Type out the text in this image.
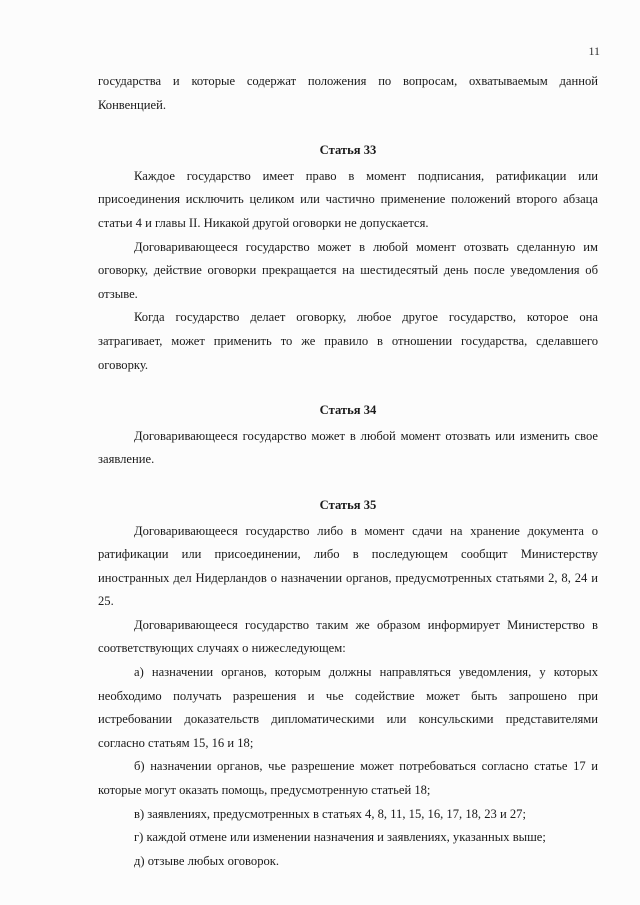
11

государства и которые содержат положения по вопросам, охватываемым данной Конвенцией.

Статья 33

Каждое государство имеет право в момент подписания, ратификации или присоединения исключить целиком или частично применение положений второго абзаца статьи 4 и главы II. Никакой другой оговорки не допускается.

Договаривающееся государство может в любой момент отозвать сделанную им оговорку, действие оговорки прекращается на шестидесятый день после уведомления об отзыве.

Когда государство делает оговорку, любое другое государство, которое она затрагивает, может применить то же правило в отношении государства, сделавшего оговорку.

Статья 34

Договаривающееся государство может в любой момент отозвать или изменить свое заявление.

Статья 35

Договаривающееся государство либо в момент сдачи на хранение документа о ратификации или присоединении, либо в последующем сообщит Министерству иностранных дел Нидерландов о назначении органов, предусмотренных статьями 2, 8, 24 и 25.

Договаривающееся государство таким же образом информирует Министерство в соответствующих случаях о нижеследующем:

а) назначении органов, которым должны направляться уведомления, у которых необходимо получать разрешения и чье содействие может быть запрошено при истребовании доказательств дипломатическими или консульскими представителями согласно статьям 15, 16 и 18;

б) назначении органов, чье разрешение может потребоваться согласно статье 17 и которые могут оказать помощь, предусмотренную статьей 18;

в) заявлениях, предусмотренных в статьях 4, 8, 11, 15, 16, 17, 18, 23 и 27;

г) каждой отмене или изменении назначения и заявлениях, указанных выше;

д) отзыве любых оговорок.
